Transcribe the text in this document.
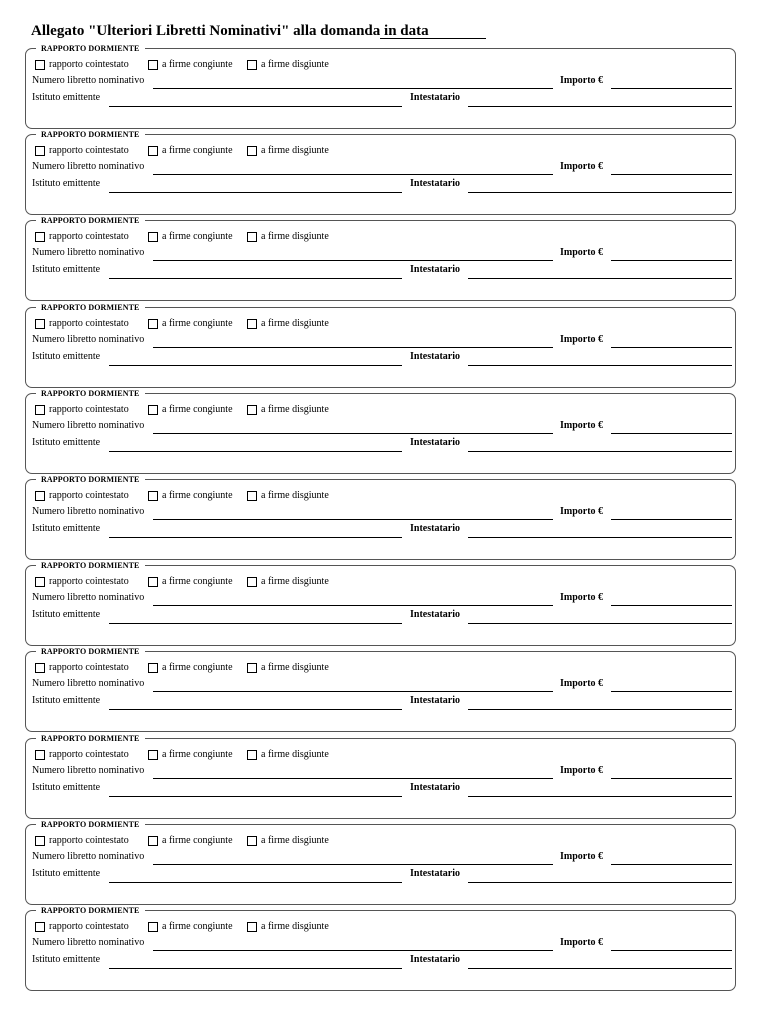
Allegato "Ulteriori Libretti Nominativi" alla domanda in data
RAPPORTO DORMIENTE
rapporto cointestato	a firme congiunte	a firme disgiunte
Numero libretto nominativo	Importo €
Istituto emittente	Intestatario
RAPPORTO DORMIENTE
rapporto cointestato	a firme congiunte	a firme disgiunte
Numero libretto nominativo	Importo €
Istituto emittente	Intestatario
RAPPORTO DORMIENTE
rapporto cointestato	a firme congiunte	a firme disgiunte
Numero libretto nominativo	Importo €
Istituto emittente	Intestatario
RAPPORTO DORMIENTE
rapporto cointestato	a firme congiunte	a firme disgiunte
Numero libretto nominativo	Importo €
Istituto emittente	Intestatario
RAPPORTO DORMIENTE
rapporto cointestato	a firme congiunte	a firme disgiunte
Numero libretto nominativo	Importo €
Istituto emittente	Intestatario
RAPPORTO DORMIENTE
rapporto cointestato	a firme congiunte	a firme disgiunte
Numero libretto nominativo	Importo €
Istituto emittente	Intestatario
RAPPORTO DORMIENTE
rapporto cointestato	a firme congiunte	a firme disgiunte
Numero libretto nominativo	Importo €
Istituto emittente	Intestatario
RAPPORTO DORMIENTE
rapporto cointestato	a firme congiunte	a firme disgiunte
Numero libretto nominativo	Importo €
Istituto emittente	Intestatario
RAPPORTO DORMIENTE
rapporto cointestato	a firme congiunte	a firme disgiunte
Numero libretto nominativo	Importo €
Istituto emittente	Intestatario
RAPPORTO DORMIENTE
rapporto cointestato	a firme congiunte	a firme disgiunte
Numero libretto nominativo	Importo €
Istituto emittente	Intestatario
RAPPORTO DORMIENTE
rapporto cointestato	a firme congiunte	a firme disgiunte
Numero libretto nominativo	Importo €
Istituto emittente	Intestatario
